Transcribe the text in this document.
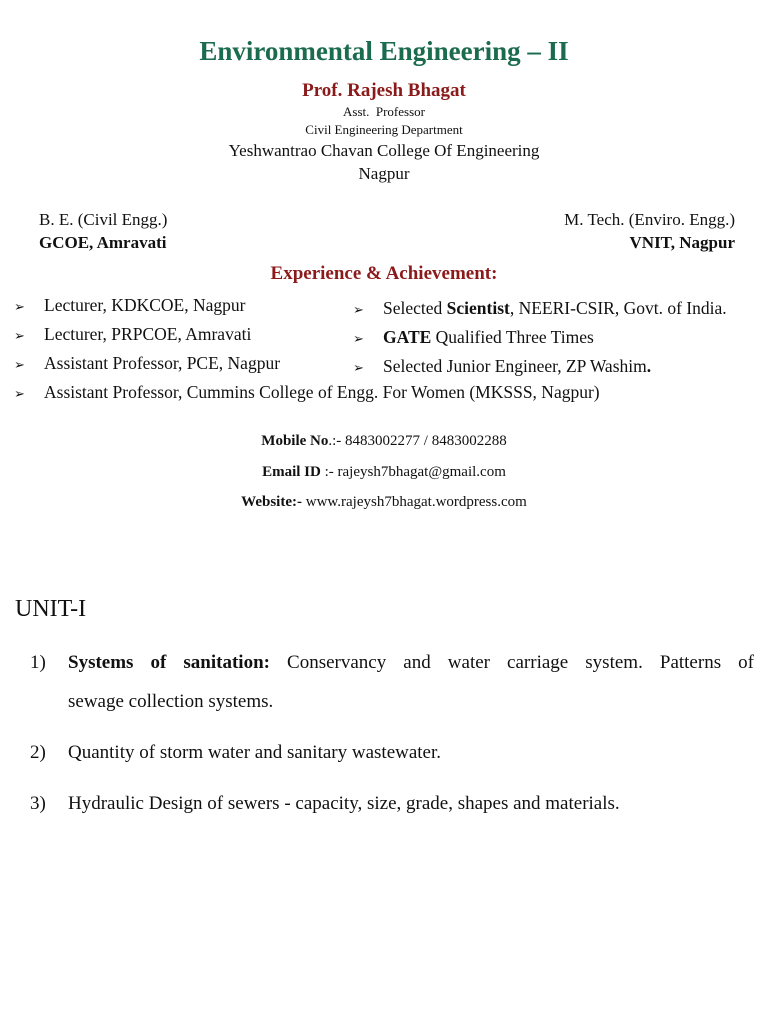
Environmental Engineering – II
Prof. Rajesh Bhagat
Asst.  Professor
Civil Engineering Department
Yeshwantrao Chavan College Of Engineering
Nagpur
B. E. (Civil Engg.)
GCOE, Amravati
M. Tech. (Enviro. Engg.)
VNIT, Nagpur
Experience & Achievement:
➢ Lecturer, KDKCOE, Nagpur
➢ Lecturer, PRPCOE, Amravati
➢ Assistant Professor, PCE, Nagpur
➢ Selected Scientist, NEERI-CSIR, Govt. of India.
➢ GATE Qualified Three Times
➢ Selected Junior Engineer, ZP Washim.
➢ Assistant Professor, Cummins College of Engg. For Women (MKSSS, Nagpur)
Mobile No.:- 8483002277 / 8483002288
Email ID :- rajeysh7bhagat@gmail.com
Website:- www.rajeysh7bhagat.wordpress.com
UNIT-I
1) Systems of sanitation: Conservancy and water carriage system. Patterns of
sewage collection systems.
2) Quantity of storm water and sanitary wastewater.
3) Hydraulic Design of sewers - capacity, size, grade, shapes and materials.
